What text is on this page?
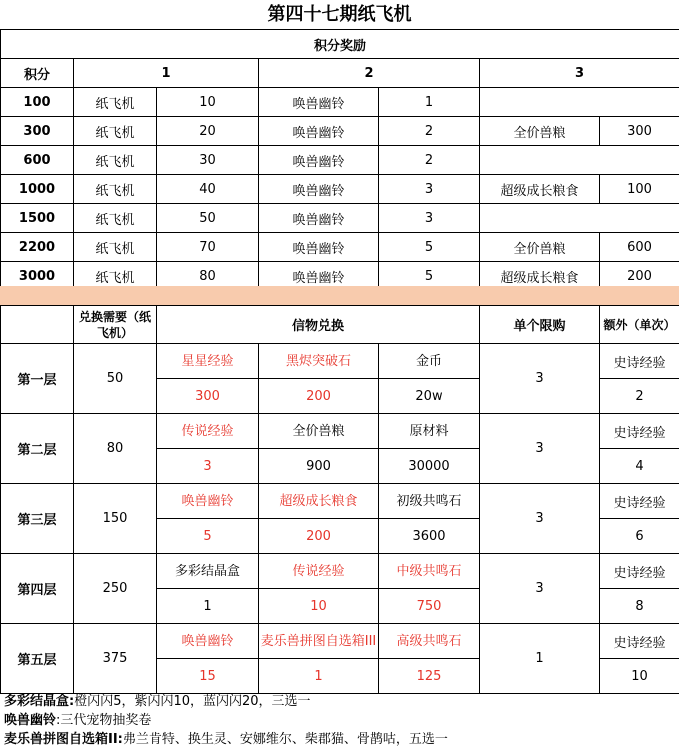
第四十七期纸飞机
积分奖励						
积分	1		2		3	
100	纸飞机	10	唤兽幽铃	1		
300	纸飞机	20	唤兽幽铃	2	全价兽粮	300
600	纸飞机	30	唤兽幽铃	2		
1000	纸飞机	40	唤兽幽铃	3	超级成长粮食	100
1500	纸飞机	50	唤兽幽铃	3		
2200	纸飞机	70	唤兽幽铃	5	全价兽粮	600
3000	纸飞机	80	唤兽幽铃	5	超级成长粮食	200
	兑换需要（纸飞机）	信物兑换			单个限购	额外（单次）
第一层	50	星星经验	黑烬突破石	金币	3	史诗经验
		300	200	20w		2
第二层	80	传说经验	全价兽粮	原材料	3	史诗经验
		3	900	30000		4
第三层	150	唤兽幽铃	超级成长粮食	初级共鸣石	3	史诗经验
		5	200	3600		6
第四层	250	多彩结晶盒	传说经验	中级共鸣石	3	史诗经验
		1	10	750		8
第五层	375	唤兽幽铃	麦乐兽拼图自选箱III	高级共鸣石	1	史诗经验
		15	1	125		10
多彩结晶盒:橙闪闪5，紫闪闪10，蓝闪闪20，三选一
唤兽幽铃:三代宠物抽奖卷
麦乐兽拼图自选箱II:弗兰肯特、换生灵、安娜维尔、柴郡猫、骨鹊咕，五选一
